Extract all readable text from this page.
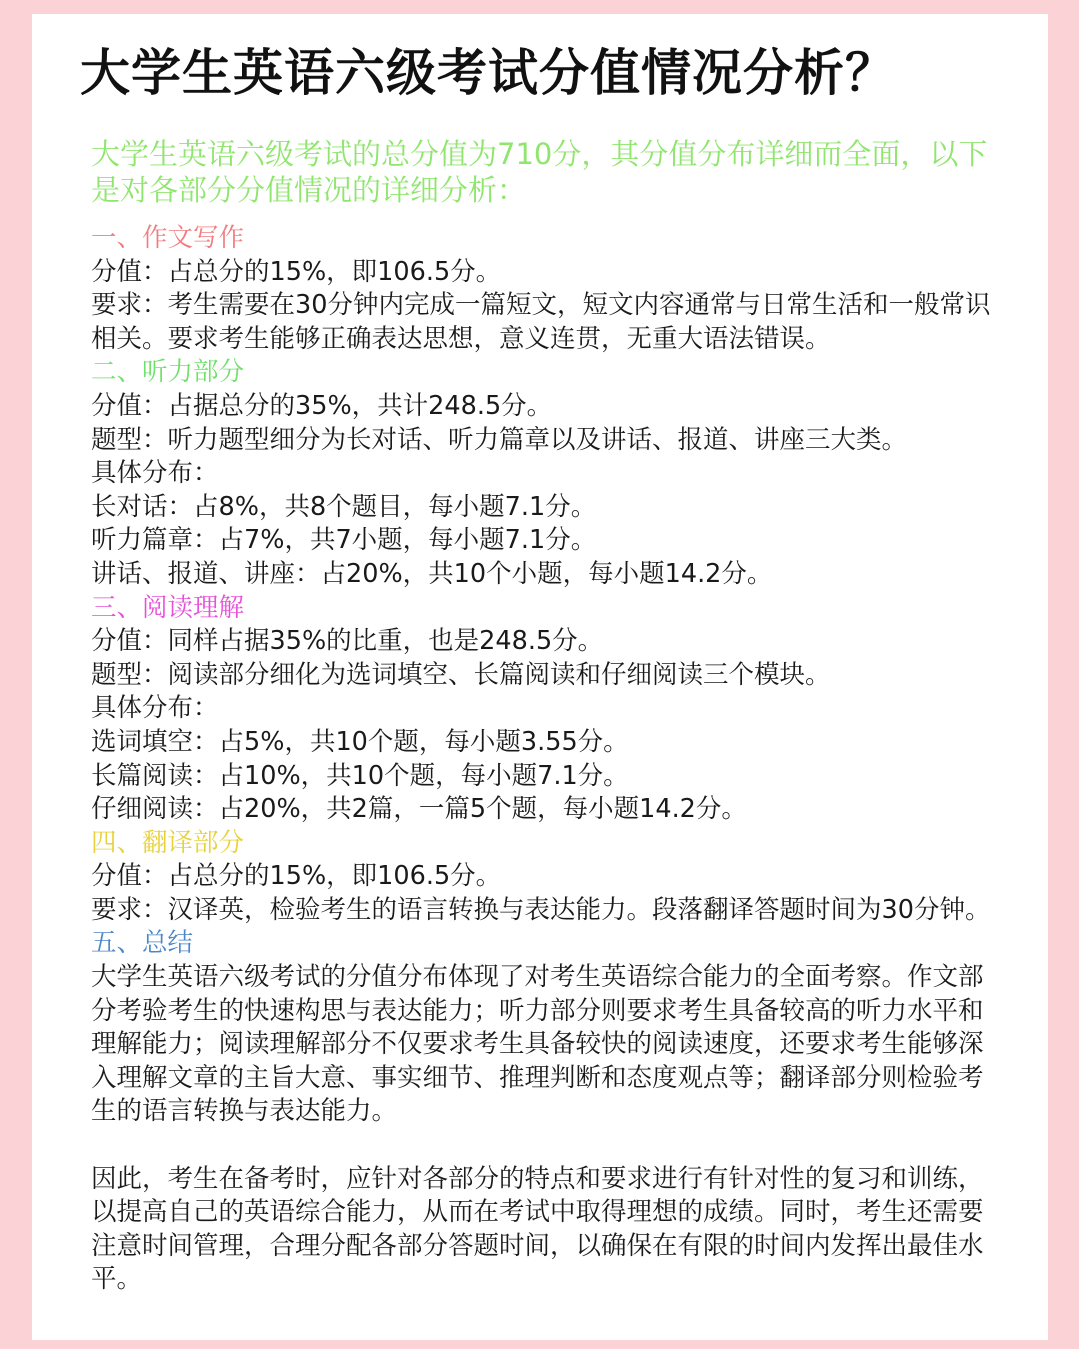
大学生英语六级考试分值情况分析？

大学生英语六级考试的总分值为710分，其分值分布详细而全面，以下是对各部分分值情况的详细分析：

一、作文写作

分值：占总分的15%，即106.5分。

要求：考生需要在30分钟内完成一篇短文，短文内容通常与日常生活和一般常识相关。要求考生能够正确表达思想，意义连贯，无重大语法错误。

二、听力部分

分值：占据总分的35%，共计248.5分。

题型：听力题型细分为长对话、听力篇章以及讲话、报道、讲座三大类。

具体分布：

长对话：占8%，共8个题目，每小题7.1分。

听力篇章：占7%，共7小题，每小题7.1分。

讲话、报道、讲座：占20%，共10个小题，每小题14.2分。

三、阅读理解

分值：同样占据35%的比重，也是248.5分。

题型：阅读部分细化为选词填空、长篇阅读和仔细阅读三个模块。

具体分布：

选词填空：占5%，共10个题，每小题3.55分。

长篇阅读：占10%，共10个题，每小题7.1分。

仔细阅读：占20%，共2篇，一篇5个题，每小题14.2分。

四、翻译部分

分值：占总分的15%，即106.5分。

要求：汉译英，检验考生的语言转换与表达能力。段落翻译答题时间为30分钟。

五、总结

大学生英语六级考试的分值分布体现了对考生英语综合能力的全面考察。作文部分考验考生的快速构思与表达能力；听力部分则要求考生具备较高的听力水平和理解能力；阅读理解部分不仅要求考生具备较快的阅读速度，还要求考生能够深入理解文章的主旨大意、事实细节、推理判断和态度观点等；翻译部分则检验考生的语言转换与表达能力。

因此，考生在备考时，应针对各部分的特点和要求进行有针对性的复习和训练，以提高自己的英语综合能力，从而在考试中取得理想的成绩。同时，考生还需要注意时间管理，合理分配各部分答题时间，以确保在有限的时间内发挥出最佳水平。
